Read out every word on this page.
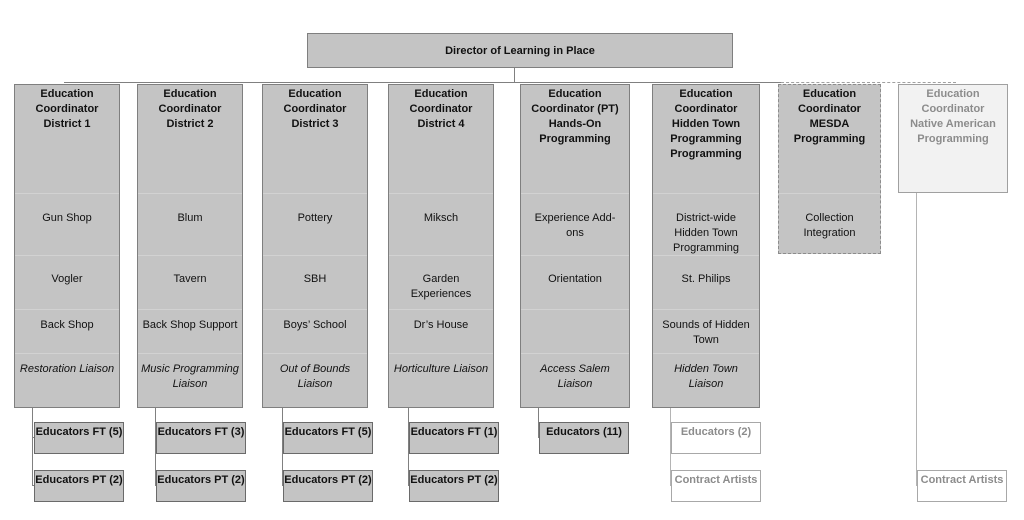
Director of Learning in Place
Education
Coordinator
District 1
Gun Shop
Vogler
Back Shop
Restoration Liaison
Education
Coordinator
District 2
Blum
Tavern
Back Shop Support
Music Programming Liaison
Education
Coordinator
District 3
Pottery
SBH
Boys’ School
Out of Bounds Liaison
Education
Coordinator
District 4
Miksch
Garden Experiences
Dr’s House
Horticulture Liaison
Education
Coordinator (PT)
Hands-On Programming
Experience Add-ons
Orientation
Access Salem Liaison
Education
Coordinator
Hidden Town Programming Programming
District-wide Hidden Town Programming
St. Philips
Sounds of Hidden Town
Hidden Town Liaison
Education
Coordinator
MESDA Programming
Collection Integration
Education
Coordinator
Native American Programming
Educators FT (5)
Educators PT (2)
Educators FT (3)
Educators PT (2)
Educators FT (5)
Educators PT (2)
Educators FT (1)
Educators PT (2)
Educators (11)	Educators (2)
Contract Artists	Contract Artists
